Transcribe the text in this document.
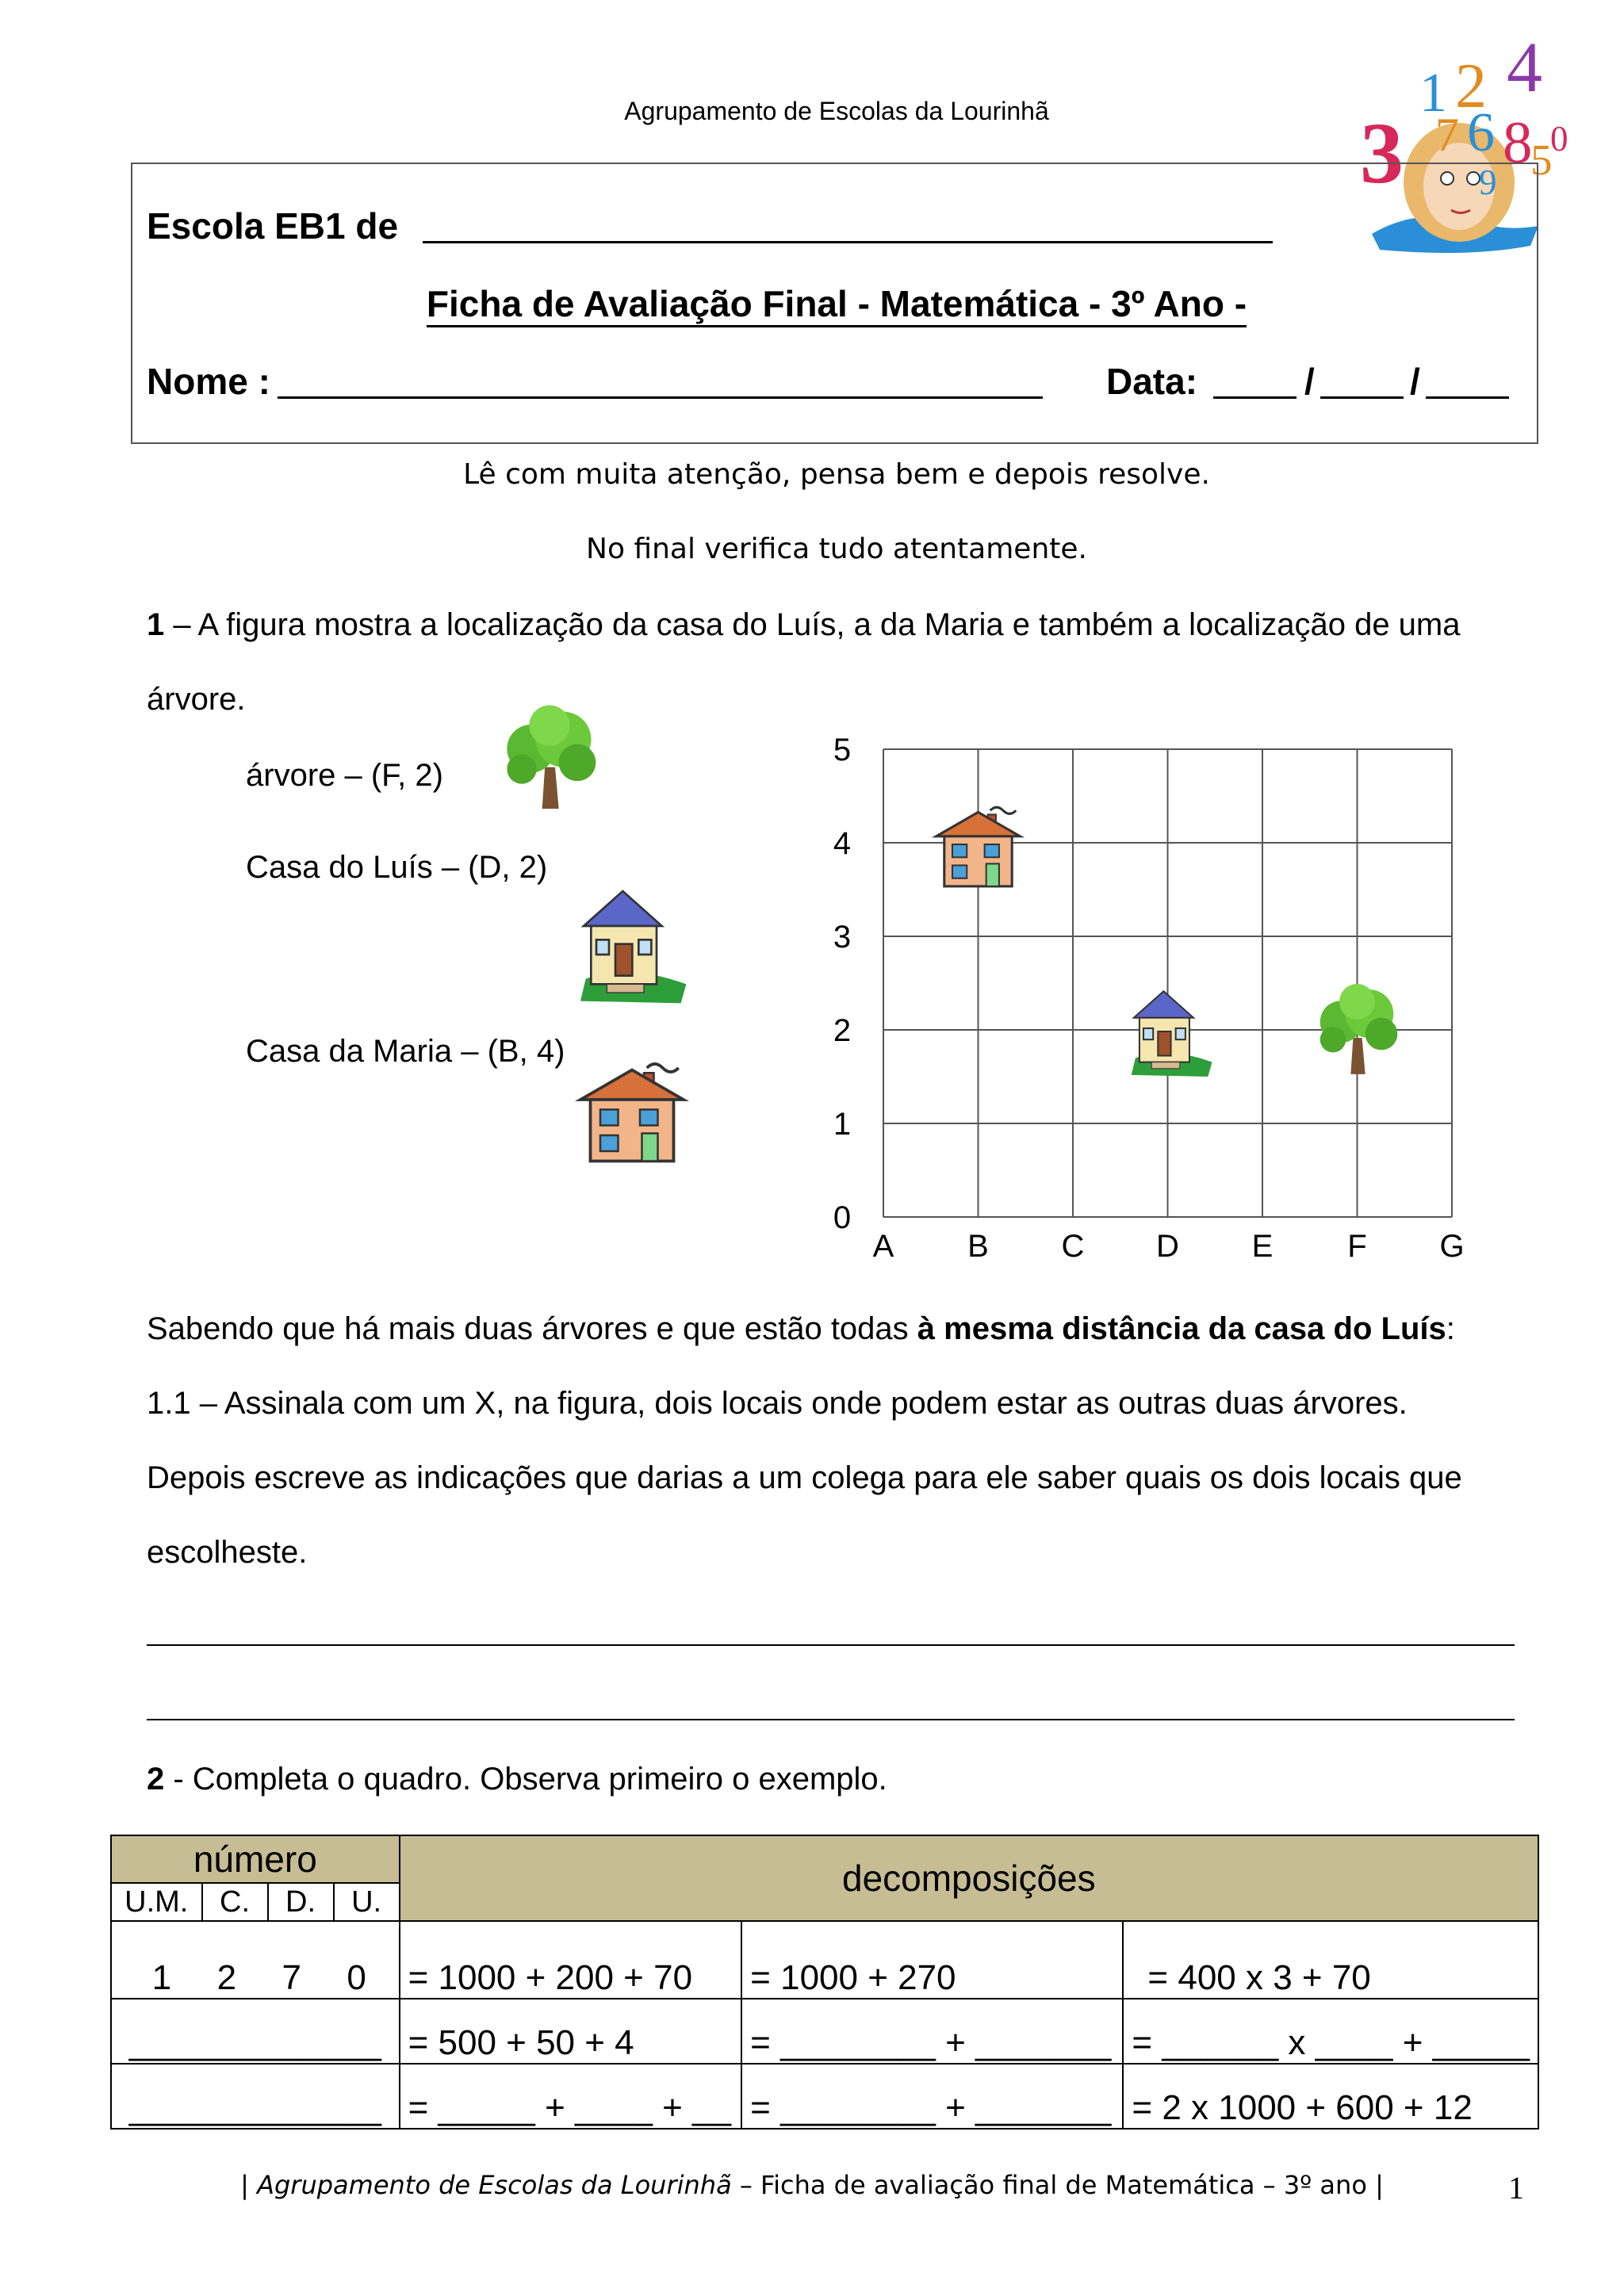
Agrupamento de Escolas da Lourinhã	3
1 2 4
7 6 8
5
0
9
Escola EB1 de
Ficha de Avaliação Final - Matemática - 3º Ano -
Nome :	Data:	/	/
Lê com muita atenção, pensa bem e depois resolve.
No final verifica tudo atentamente.
1 – A figura mostra a localização da casa do Luís, a da Maria e também a localização de uma
árvore.
árvore – (F, 2)
Casa do Luís – (D, 2)
Casa da Maria – (B, 4)
A B C D E F G
0
1
2
3
4
5
Sabendo que há mais duas árvores e que estão todas à mesma distância da casa do Luís:
1.1 – Assinala com um X, na figura, dois locais onde podem estar as outras duas árvores.
Depois escreve as indicações que darias a um colega para ele saber quais os dois locais que
escolheste.
2 - Completa o quadro. Observa primeiro o exemplo.
número
U.M. C. D. U.	decomposições		

1 2 7 0	= 1000 + 200 + 70	= 1000 + 270	= 400 x 3 + 70
_____________	= 500 + 50 + 4	= ________ + _______	= ______ x ____ + _____
_____________	= _____ + ____ + __	= ________ + _______	= 2 x 1000 + 600 + 12
| Agrupamento de Escolas da Lourinhã – Ficha de avaliação final de Matemática – 3º ano |	1
